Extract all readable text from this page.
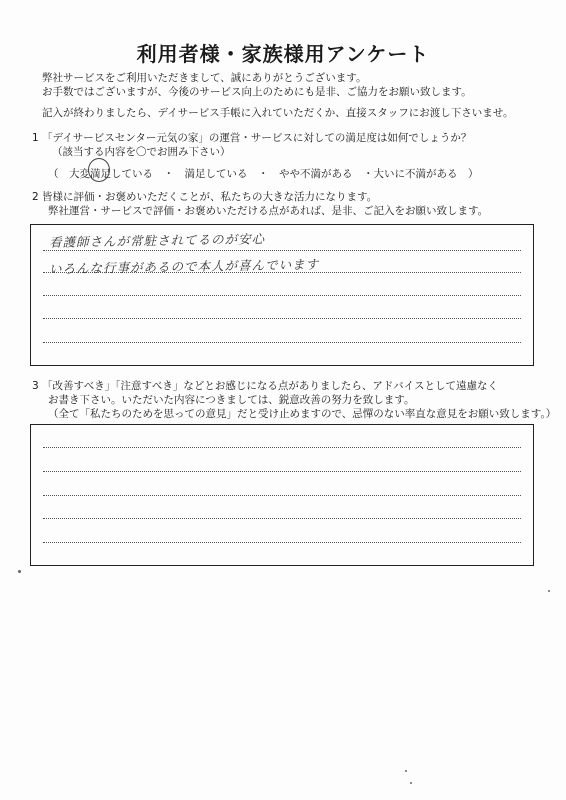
利用者様・家族様用アンケート
弊社サービスをご利用いただきまして、誠にありがとうございます。
お手数ではございますが、今後のサービス向上のためにも是非、ご協力をお願い致します。
記入が終わりましたら、デイサービス手帳に入れていただくか、直接スタッフにお渡し下さいませ。
1 「デイサービスセンター元気の家」の運営・サービスに対しての満足度は如何でしょうか？
（該当する内容を〇でお囲み下さい）
（　大変満足している　・　満足している　・　やや不満がある　・大いに不満がある　）
2 皆様に評価・お褒めいただくことが、私たちの大きな活力になります。
弊社運営・サービスで評価・お褒めいただける点があれば、是非、ご記入をお願い致します。
看護師さんが常駐されてるのが安心
いろんな行事があるので本人が喜んでいます
3 「改善すべき」「注意すべき」などとお感じになる点がありましたら、アドバイスとして遠慮なく
お書き下さい。いただいた内容につきましては、鋭意改善の努力を致します。
（全て「私たちのためを思っての意見」だと受け止めますので、忌憚のない率直な意見をお願い致します。）
